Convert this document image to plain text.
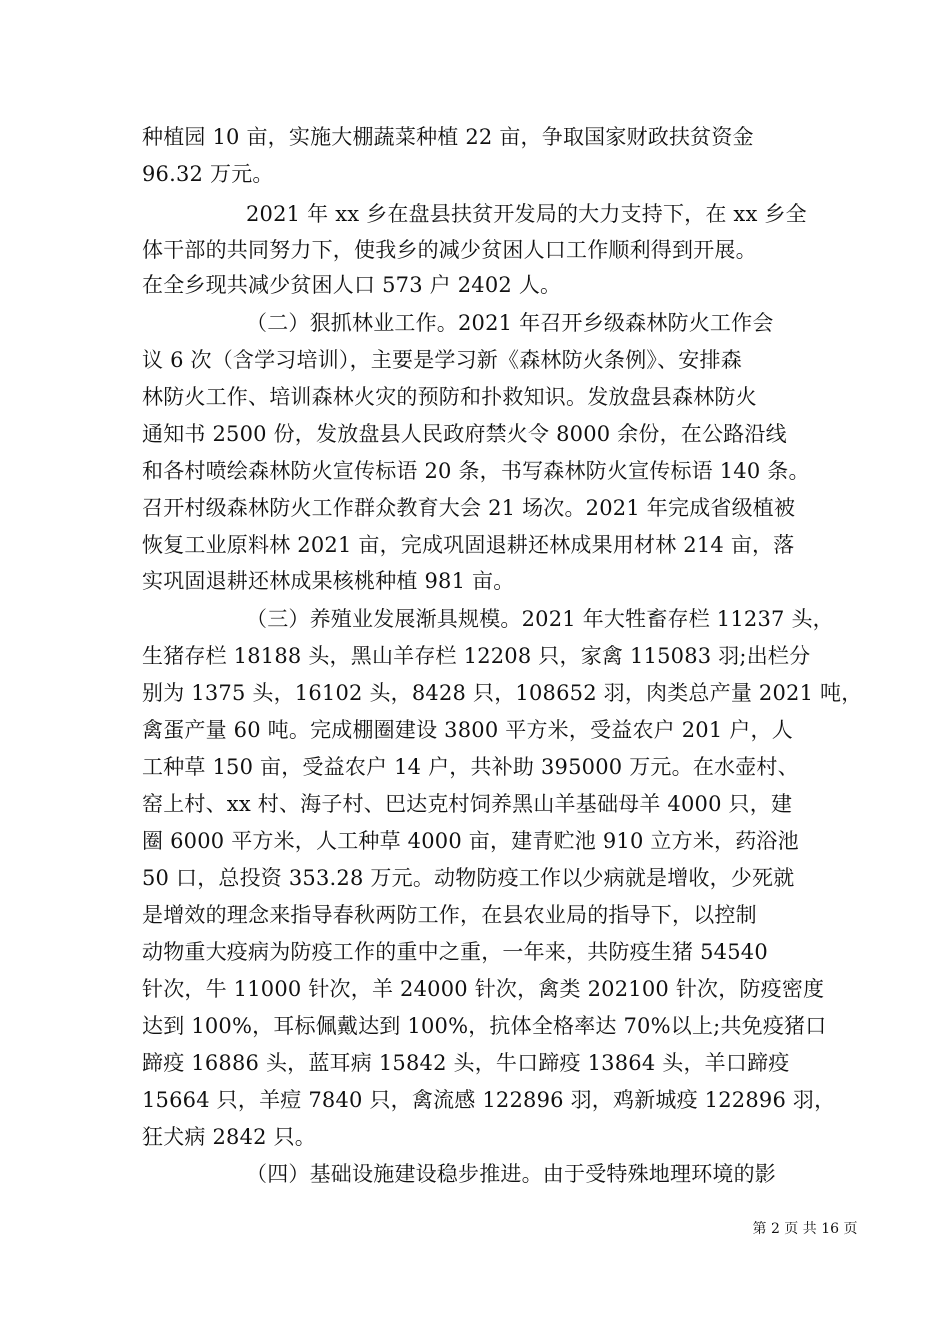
种植园 10 亩，实施大棚蔬菜种植 22 亩，争取国家财政扶贫资金
96.32 万元。
2021 年 xx 乡在盘县扶贫开发局的大力支持下，在 xx 乡全
体干部的共同努力下，使我乡的减少贫困人口工作顺利得到开展。
在全乡现共减少贫困人口 573 户 2402 人。
（二）狠抓林业工作。2021 年召开乡级森林防火工作会
议 6 次（含学习培训），主要是学习新《森林防火条例》、安排森
林防火工作、培训森林火灾的预防和扑救知识。发放盘县森林防火
通知书 2500 份，发放盘县人民政府禁火令 8000 余份，在公路沿线
和各村喷绘森林防火宣传标语 20 条，书写森林防火宣传标语 140 条。
召开村级森林防火工作群众教育大会 21 场次。2021 年完成省级植被
恢复工业原料林 2021 亩，完成巩固退耕还林成果用材林 214 亩，落
实巩固退耕还林成果核桃种植 981 亩。
（三）养殖业发展渐具规模。2021 年大牲畜存栏 11237 头，
生猪存栏 18188 头，黑山羊存栏 12208 只，家禽 115083 羽;出栏分
别为 1375 头，16102 头，8428 只，108652 羽，肉类总产量 2021 吨，
禽蛋产量 60 吨。完成棚圈建设 3800 平方米，受益农户 201 户，人
工种草 150 亩，受益农户 14 户，共补助 395000 万元。在水壶村、
窑上村、xx 村、海子村、巴达克村饲养黑山羊基础母羊 4000 只，建
圈 6000 平方米，人工种草 4000 亩，建青贮池 910 立方米，药浴池
50 口，总投资 353.28 万元。动物防疫工作以少病就是增收，少死就
是增效的理念来指导春秋两防工作，在县农业局的指导下，以控制
动物重大疫病为防疫工作的重中之重，一年来，共防疫生猪 54540
针次，牛 11000 针次，羊 24000 针次，禽类 202100 针次，防疫密度
达到 100%，耳标佩戴达到 100%，抗体全格率达 70%以上;共免疫猪口
蹄疫 16886 头，蓝耳病 15842 头，牛口蹄疫 13864 头，羊口蹄疫
15664 只，羊痘 7840 只，禽流感 122896 羽，鸡新城疫 122896 羽，
狂犬病 2842 只。
（四）基础设施建设稳步推进。由于受特殊地理环境的影
第 2 页 共 16 页
